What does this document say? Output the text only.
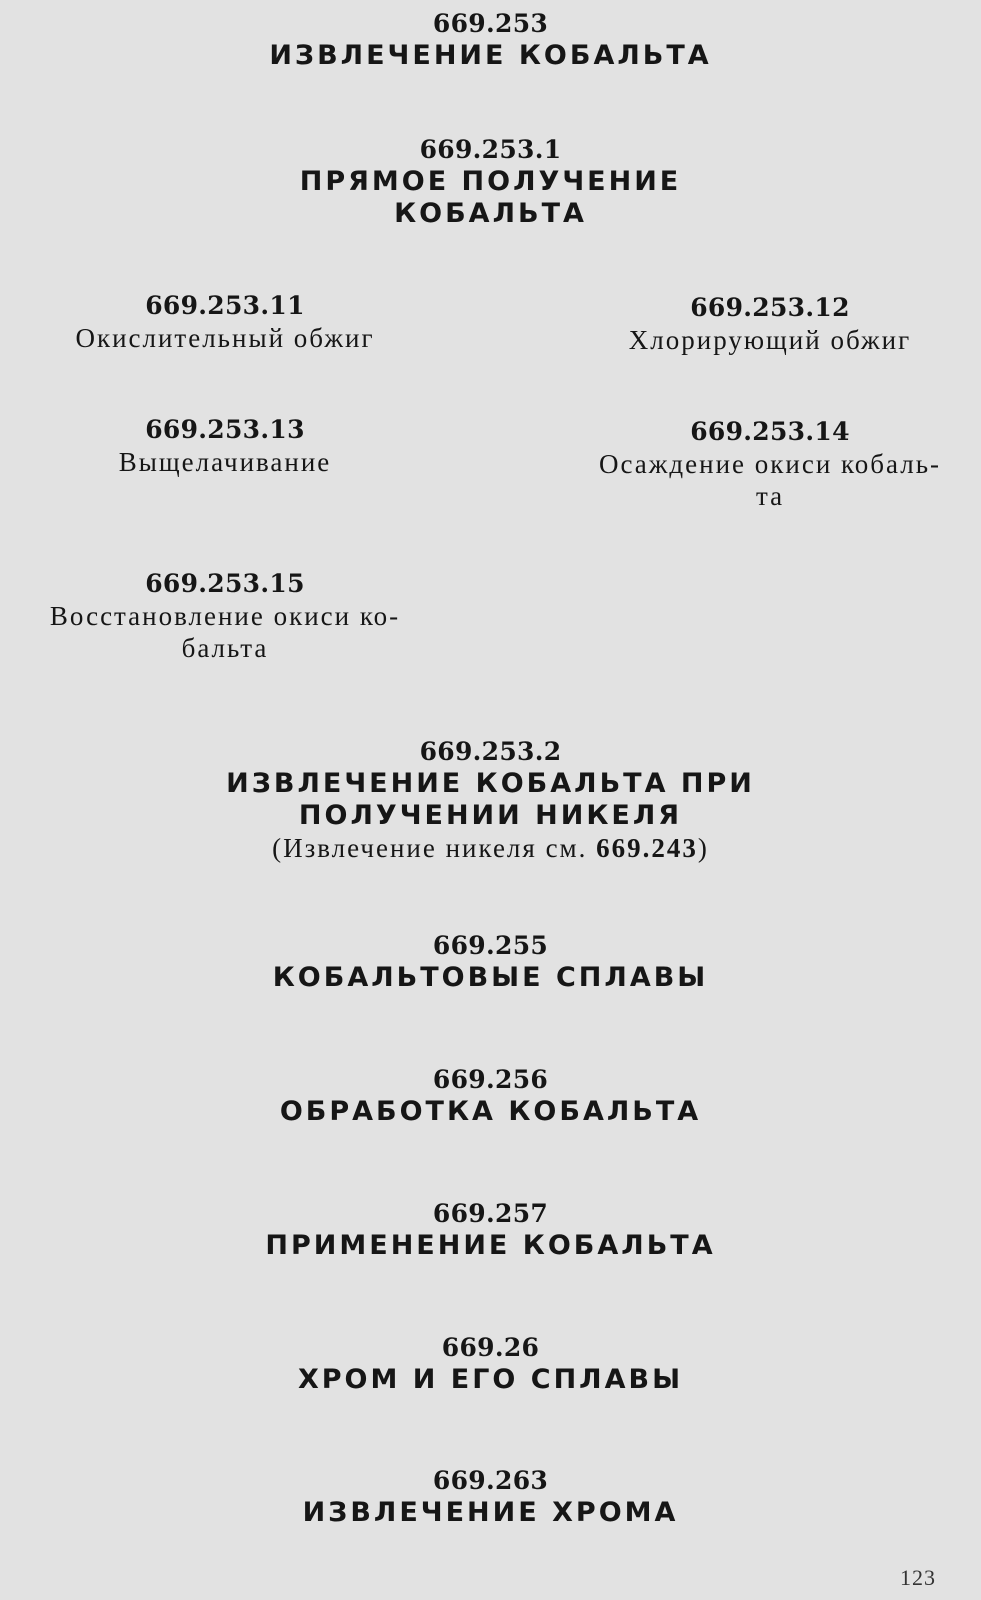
669.253
ИЗВЛЕЧЕНИЕ КОБАЛЬТА
669.253.1
ПРЯМОЕ ПОЛУЧЕНИЕ
КОБАЛЬТА
669.253.11
Окислительный обжиг
669.253.12
Хлорирующий обжиг
669.253.13
Выщелачивание
669.253.14
Осаждение окиси кобаль-
та
669.253.15
Восстановление окиси ко-
бальта
669.253.2
ИЗВЛЕЧЕНИЕ КОБАЛЬТА ПРИ
ПОЛУЧЕНИИ НИКЕЛЯ
(Извлечение никеля см. 669.243)
669.255
КОБАЛЬТОВЫЕ СПЛАВЫ
669.256
ОБРАБОТКА КОБАЛЬТА
669.257
ПРИМЕНЕНИЕ КОБАЛЬТА
669.26
ХРОМ И ЕГО СПЛАВЫ
669.263
ИЗВЛЕЧЕНИЕ ХРОМА
123
